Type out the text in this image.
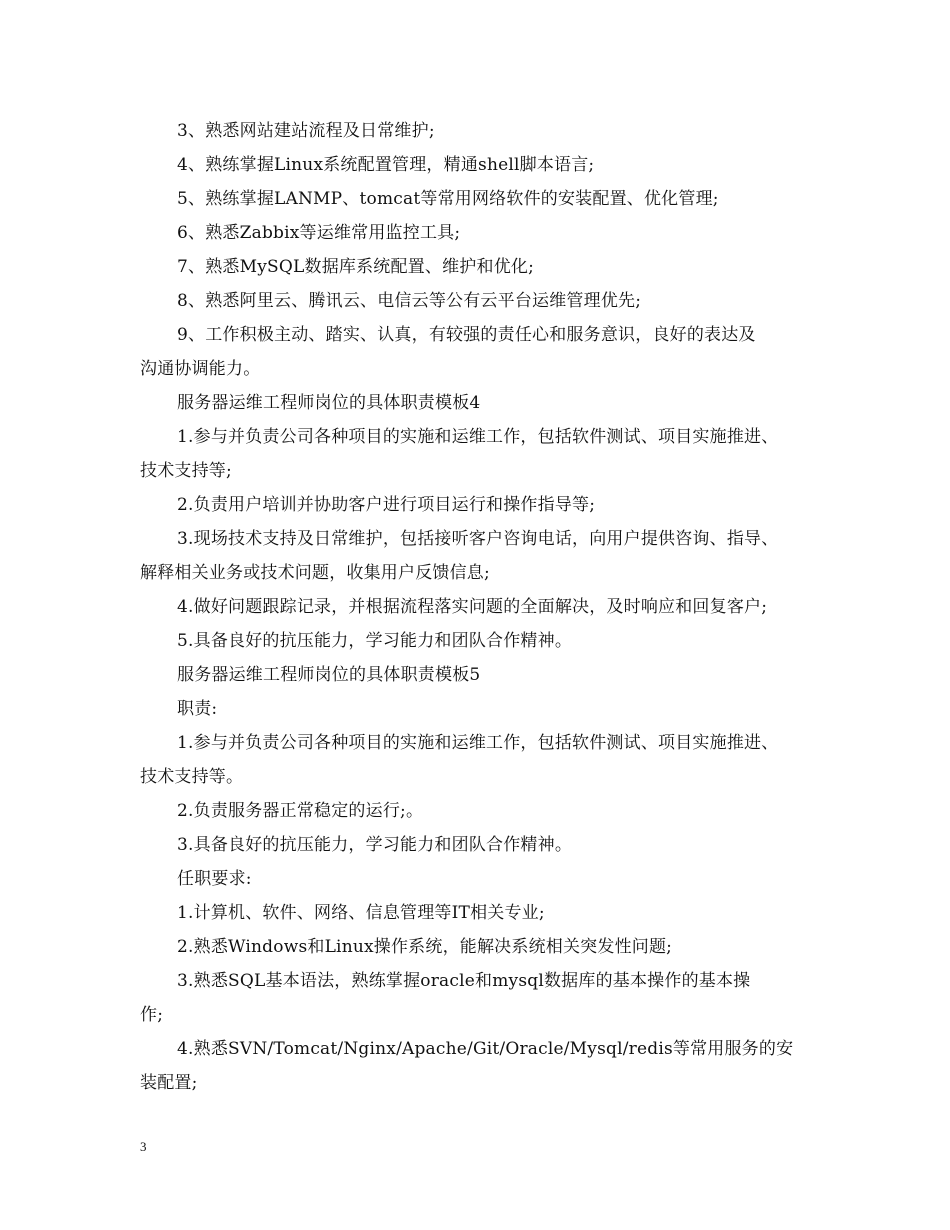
3、熟悉网站建站流程及日常维护;
4、熟练掌握Linux系统配置管理，精通shell脚本语言;
5、熟练掌握LANMP、tomcat等常用网络软件的安装配置、优化管理;
6、熟悉Zabbix等运维常用监控工具;
7、熟悉MySQL数据库系统配置、维护和优化;
8、熟悉阿里云、腾讯云、电信云等公有云平台运维管理优先;
9、工作积极主动、踏实、认真，有较强的责任心和服务意识，良好的表达及
沟通协调能力。
服务器运维工程师岗位的具体职责模板4
1.参与并负责公司各种项目的实施和运维工作，包括软件测试、项目实施推进、
技术支持等;
2.负责用户培训并协助客户进行项目运行和操作指导等;
3.现场技术支持及日常维护，包括接听客户咨询电话，向用户提供咨询、指导、
解释相关业务或技术问题，收集用户反馈信息;
4.做好问题跟踪记录，并根据流程落实问题的全面解决，及时响应和回复客户;
5.具备良好的抗压能力，学习能力和团队合作精神。
服务器运维工程师岗位的具体职责模板5
职责:
1.参与并负责公司各种项目的实施和运维工作，包括软件测试、项目实施推进、
技术支持等。
2.负责服务器正常稳定的运行;。
3.具备良好的抗压能力，学习能力和团队合作精神。
任职要求:
1.计算机、软件、网络、信息管理等IT相关专业;
2.熟悉Windows和Linux操作系统，能解决系统相关突发性问题;
3.熟悉SQL基本语法，熟练掌握oracle和mysql数据库的基本操作的基本操
作;
4.熟悉SVN/Tomcat/Nginx/Apache/Git/Oracle/Mysql/redis等常用服务的安
装配置;
3
